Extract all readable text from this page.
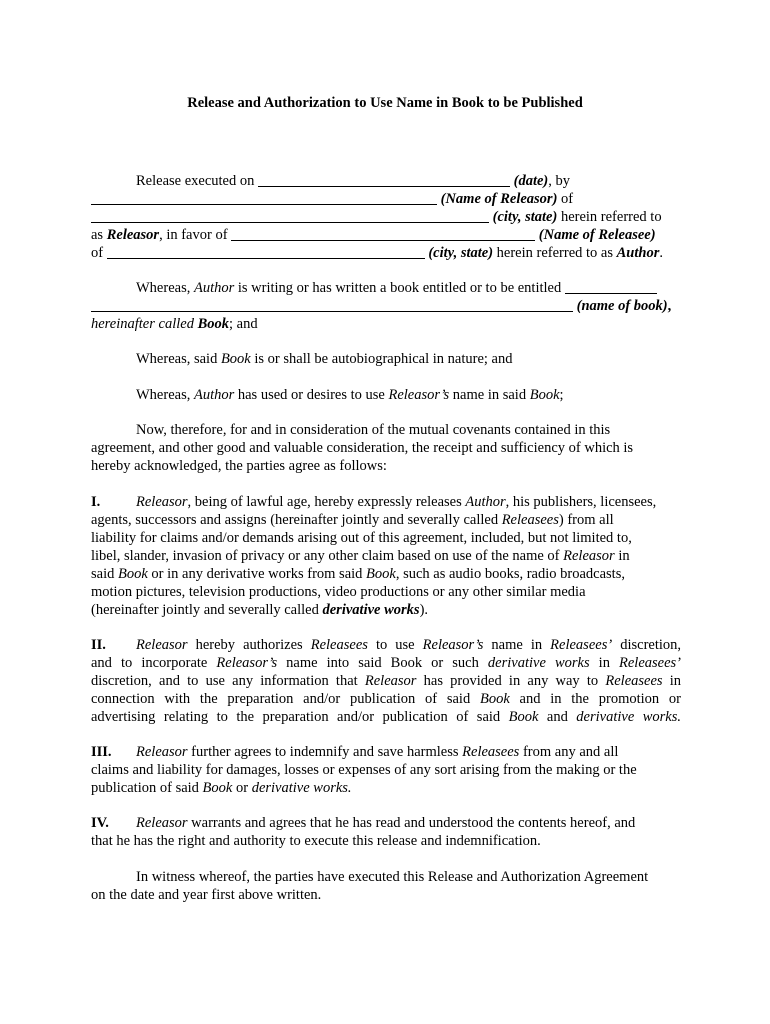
Release and Authorization to Use Name in Book to be Published
Release executed on	(date), by
(Name of Releasor) of
(city, state) herein referred to
as Releasor, in favor of	(Name of Releasee)
of	(city, state) herein referred to as Author.
Whereas, Author is writing or has written a book entitled or to be entitled
(name of book),
hereinafter called Book; and
Whereas, said Book is or shall be autobiographical in nature; and
Whereas, Author has used or desires to use Releasor’s name in said Book;
Now, therefore, for and in consideration of the mutual covenants contained in this
agreement, and other good and valuable consideration, the receipt and sufficiency of which is
hereby acknowledged, the parties agree as follows:
I. Releasor, being of lawful age, hereby expressly releases Author, his publishers, licensees,
agents, successors and assigns (hereinafter jointly and severally called Releasees) from all
liability for claims and/or demands arising out of this agreement, included, but not limited to,
libel, slander, invasion of privacy or any other claim based on use of the name of Releasor in
said Book or in any derivative works from said Book, such as audio books, radio broadcasts,
motion pictures, television productions, video productions or any other similar media
(hereinafter jointly and severally called derivative works).
II. Releasor hereby authorizes Releasees to use Releasor’s name in Releasees’ discretion,
and to incorporate Releasor’s name into said Book or such derivative works in Releasees’
discretion, and to use any information that Releasor has provided in any way to Releasees in
connection with the preparation and/or publication of said Book and in the promotion or
advertising relating to the preparation and/or publication of said Book and derivative works.
III. Releasor further agrees to indemnify and save harmless Releasees from any and all
claims and liability for damages, losses or expenses of any sort arising from the making or the
publication of said Book or derivative works.
IV. Releasor warrants and agrees that he has read and understood the contents hereof, and
that he has the right and authority to execute this release and indemnification.
In witness whereof, the parties have executed this Release and Authorization Agreement
on the date and year first above written.
